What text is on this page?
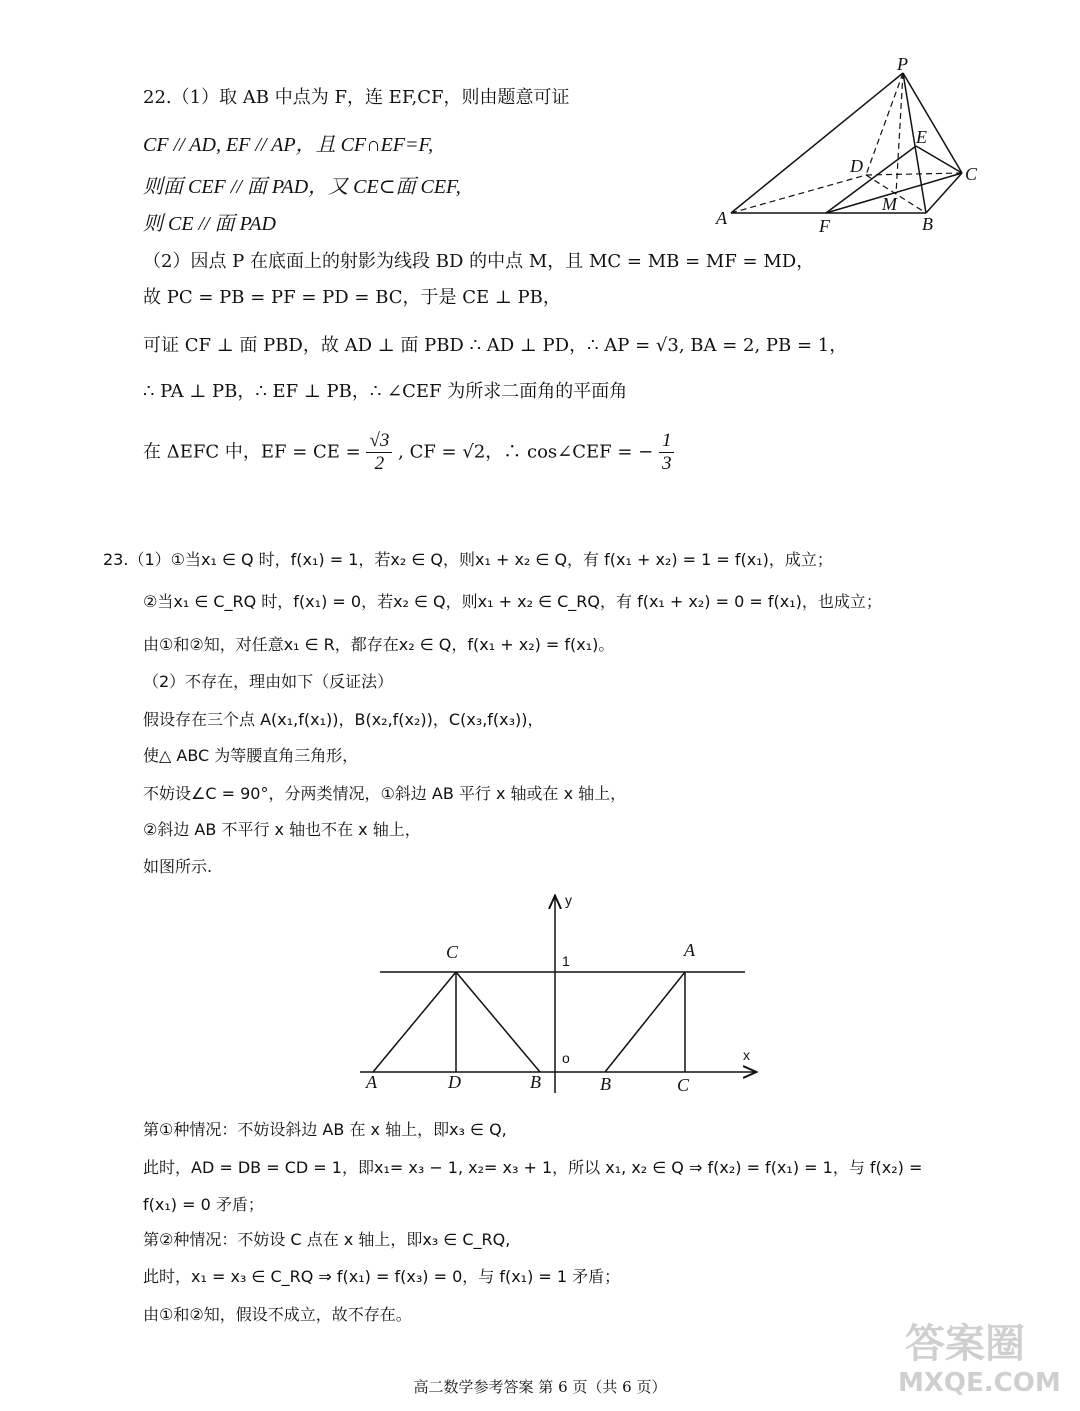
22.（1）取 AB 中点为 F，连 EF,CF，则由题意可证
CF // AD, EF // AP，且 CF∩EF=F,
则面 CEF // 面 PAD，又 CE⊂面 CEF,
则 CE // 面 PAD
（2）因点 P 在底面上的射影为线段 BD 的中点 M，且 MC = MB = MF = MD，
故 PC = PB = PF = PD = BC，于是 CE ⊥ PB，
可证 CF ⊥ 面 PBD，故 AD ⊥ 面 PBD ∴ AD ⊥ PD，∴ AP = √3, BA = 2, PB = 1，
∴ PA ⊥ PB，∴ EF ⊥ PB，∴ ∠CEF 为所求二面角的平面角
在 ΔEFC 中，EF = CE = $\frac{√3}{2}$ , CF = √2，∴ cos∠CEF = − $\frac{1}{3}$
P
E
D	C
M
A	F	B
23.（1）①当x₁ ∈ Q 时，f(x₁) = 1，若x₂ ∈ Q，则x₁ + x₂ ∈ Q，有 f(x₁ + x₂) = 1 = f(x₁)，成立；
②当x₁ ∈ C_RQ 时，f(x₁) = 0，若x₂ ∈ Q，则x₁ + x₂ ∈ C_RQ，有 f(x₁ + x₂) = 0 = f(x₁)，也成立；
由①和②知，对任意x₁ ∈ R，都存在x₂ ∈ Q，f(x₁ + x₂) = f(x₁)。
（2）不存在，理由如下（反证法）
假设存在三个点 A(x₁,f(x₁))，B(x₂,f(x₂))，C(x₃,f(x₃))，
使△ ABC 为等腰直角三角形，
不妨设∠C = 90°，分两类情况，①斜边 AB 平行 x 轴或在 x 轴上，
②斜边 AB 不平行 x 轴也不在 x 轴上，
如图所示.
y
x
1
o
C	A
A	D	B	B	C
第①种情况：不妨设斜边 AB 在 x 轴上，即x₃ ∈ Q,
此时，AD = DB = CD = 1，即x₁= x₃ − 1, x₂= x₃ + 1，所以 x₁, x₂ ∈ Q ⇒ f(x₂) = f(x₁) = 1，与 f(x₂) =
f(x₁) = 0 矛盾；
第②种情况：不妨设 C 点在 x 轴上，即x₃ ∈ C_RQ,
此时，x₁ = x₃ ∈ C_RQ ⇒ f(x₁) = f(x₃) = 0，与 f(x₁) = 1 矛盾；
由①和②知，假设不成立，故不存在。
答案圈
MXQE.COM
高二数学参考答案 第 6 页（共 6 页）
